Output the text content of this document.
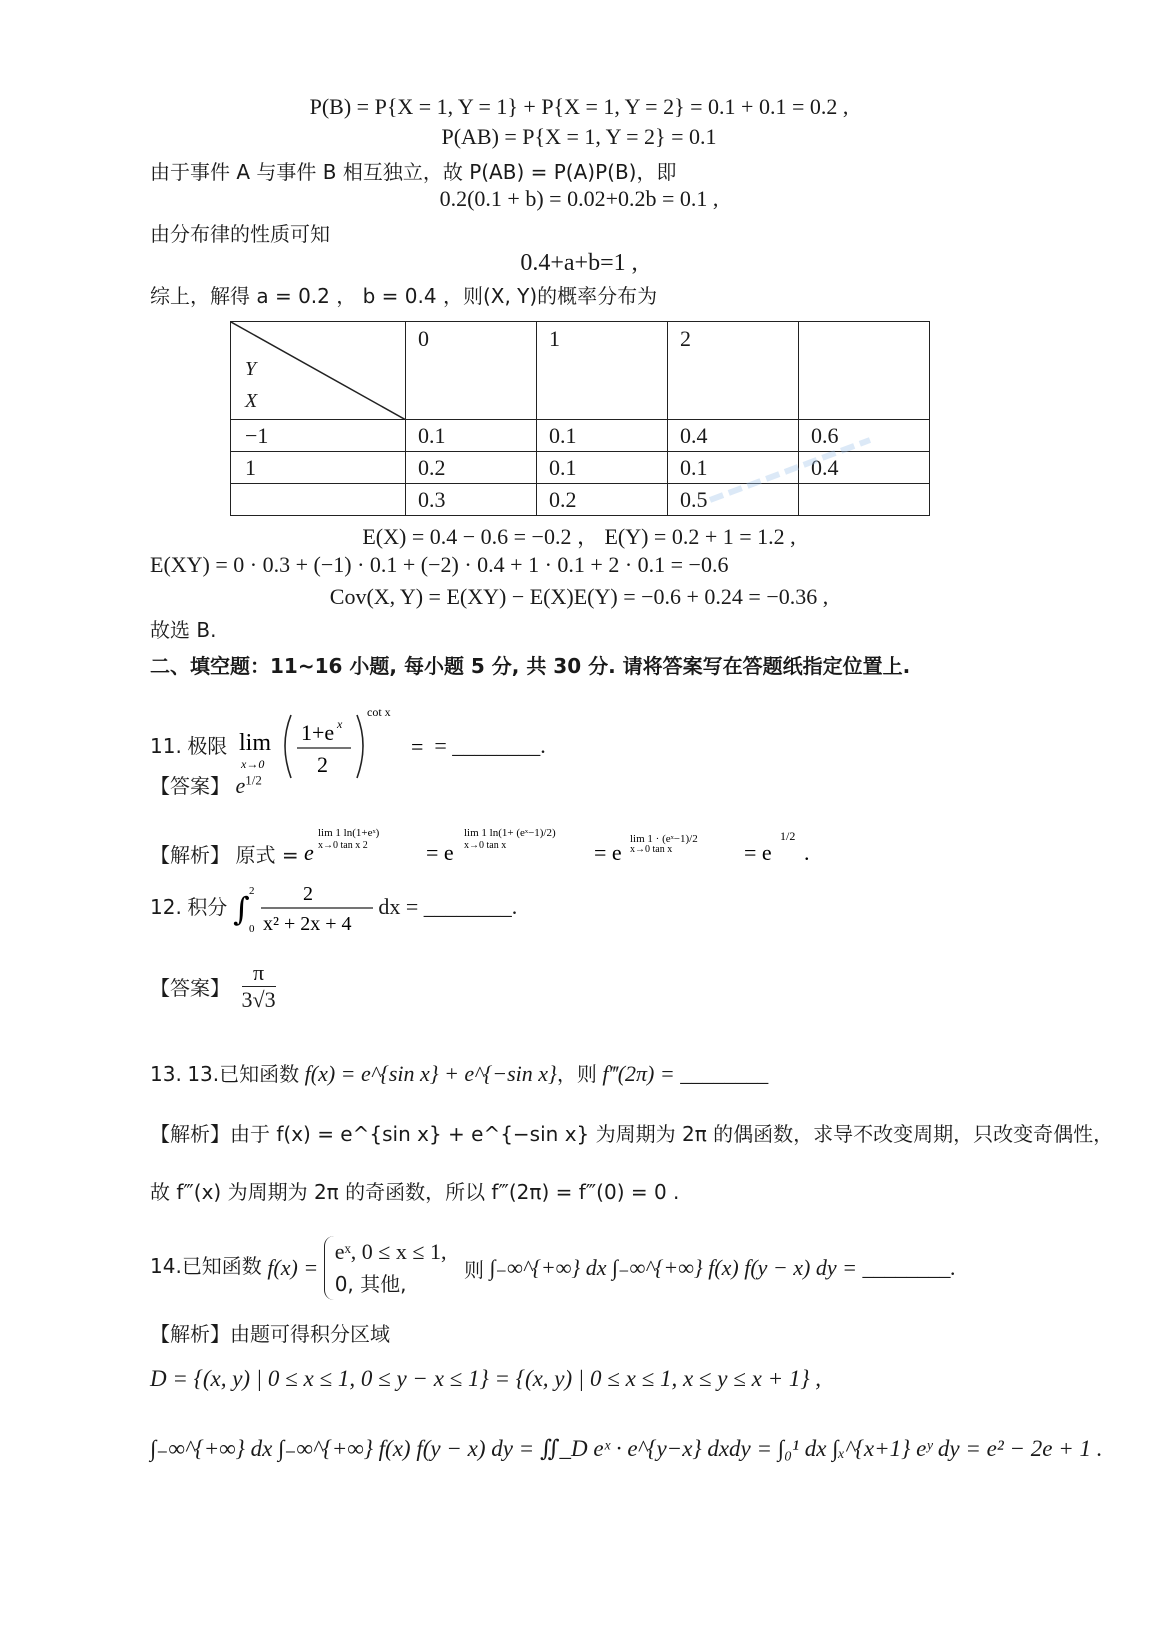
P(B) = P{X = 1, Y = 1} + P{X = 1, Y = 2} = 0.1 + 0.1 = 0.2 ,
P(AB) = P{X = 1, Y = 2} = 0.1
由于事件 A 与事件 B 相互独立，故 P(AB) = P(A)P(B)，即
0.2(0.1 + b) = 0.02+0.2b = 0.1 ,
由分布律的性质可知
0.4+a+b=1 ,
综上，解得 a = 0.2 ， b = 0.4 ，则(X, Y)的概率分布为
Y
X	0	1	2	
−1	0.1	0.1	0.4	0.6
1	0.2	0.1	0.1	0.4
	0.3	0.2	0.5	
E(X) = 0.4 − 0.6 = −0.2 ， E(Y) = 0.2 + 1 = 1.2 ,
E(XY) = 0 · 0.3 + (−1) · 0.1 + (−2) · 0.4 + 1 · 0.1 + 2 · 0.1 = −0.6
Cov(X, Y) = E(XY) − E(X)E(Y) = −0.6 + 0.24 = −0.36 ,
故选 B.
二、填空题：11~16 小题, 每小题 5 分, 共 30 分. 请将答案写在答题纸指定位置上.
11. 极限 lim
x→0
1+e x
2
cot x
= = ________.
【答案】 $e^{1/2}$
【解析】 原式 = e
lim 1 ln(1+eˣ)
x→0 tan x 2	= e
lim 1 ln(1+ (eˣ−1)/2)
x→0 tan x	= e
lim 1 · (eˣ−1)/2
x→0 tan x	= e
1/2
.
12. 积分 ∫ 2
0
2
x² + 2x + 4
dx = ________.
【答案】 $\frac{\pi}{3√3}$
13. 13.已知函数 f(x) = e^{sin x} + e^{−sin x}，则 f‴(2π) = ________
【解析】由于 f(x) = e^{sin x} + e^{−sin x} 为周期为 2π 的偶函数，求导不改变周期，只改变奇偶性，
故 f‴(x) 为周期为 2π 的奇函数，所以 f‴(2π) = f‴(0) = 0 .
14.已知函数 f(x) =
eˣ, 0 ≤ x ≤ 1,
0, 其他,
则 ∫₋∞^{+∞} dx ∫₋∞^{+∞} f(x) f(y − x) dy = ________.
【解析】由题可得积分区域
D = {(x, y) | 0 ≤ x ≤ 1, 0 ≤ y − x ≤ 1} = {(x, y) | 0 ≤ x ≤ 1, x ≤ y ≤ x + 1} ,
∫₋∞^{+∞} dx ∫₋∞^{+∞} f(x) f(y − x) dy = ∬_D eˣ · e^{y−x} dxdy = ∫₀¹ dx ∫ₓ^{x+1} eʸ dy = e² − 2e + 1 .
